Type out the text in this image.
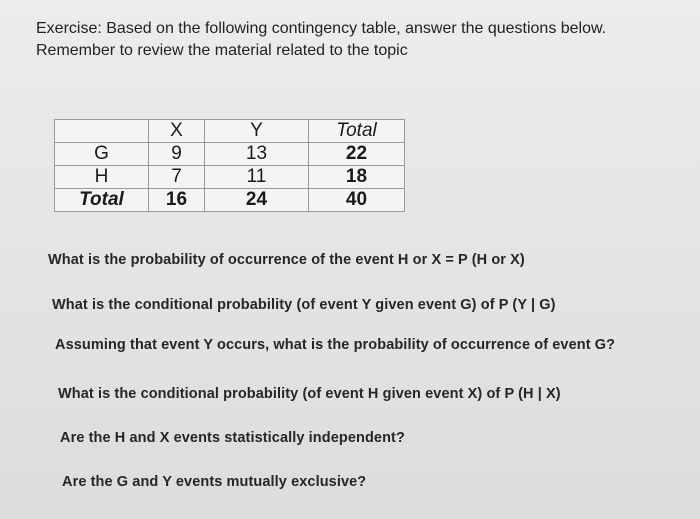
Exercise: Based on the following contingency table, answer the questions below.
Remember to review the material related to the topic
	X	Y	Total
G	9	13	22
H	7	11	18
Total	16	24	40
What is the probability of occurrence of the event H or X = P (H or X)
What is the conditional probability (of event Y given event G) of P (Y | G)
Assuming that event Y occurs, what is the probability of occurrence of event G?
What is the conditional probability (of event H given event X) of P (H | X)
Are the H and X events statistically independent?
Are the G and Y events mutually exclusive?
